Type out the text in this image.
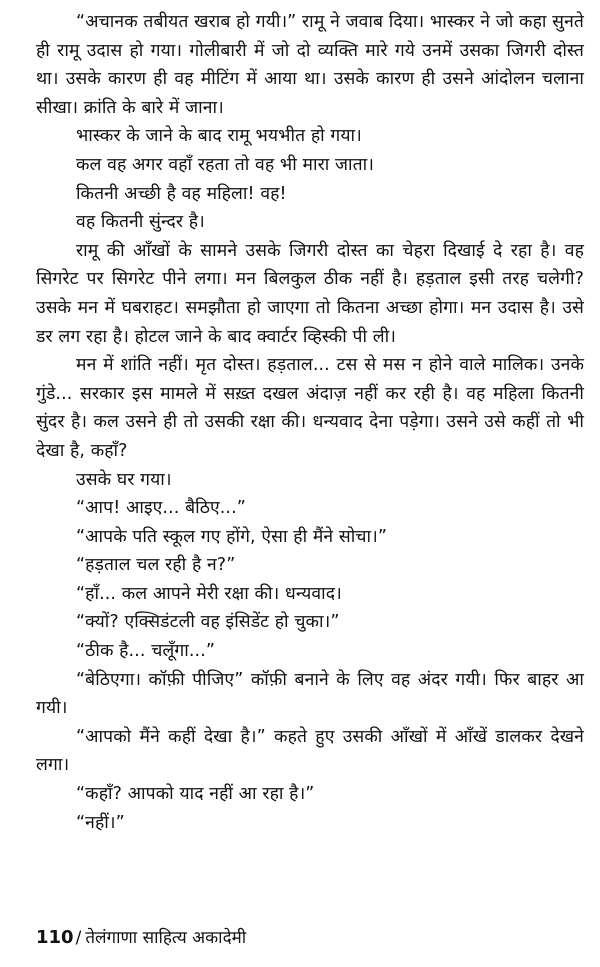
“अचानक तबीयत खराब हो गयी।” रामू ने जवाब दिया। भास्कर ने जो कहा सुनते ही रामू उदास हो गया। गोलीबारी में जो दो व्यक्ति मारे गये उनमें उसका जिगरी दोस्त था। उसके कारण ही वह मीटिंग में आया था। उसके कारण ही उसने आंदोलन चलाना सीखा। क्रांति के बारे में जाना।

भास्कर के जाने के बाद रामू भयभीत हो गया।

कल वह अगर वहाँ रहता तो वह भी मारा जाता।

कितनी अच्छी है वह महिला! वह!

वह कितनी सुंन्दर है।

रामू की आँखों के सामने उसके जिगरी दोस्त का चेहरा दिखाई दे रहा है। वह सिगरेट पर सिगरेट पीने लगा। मन बिलकुल ठीक नहीं है। हड़ताल इसी तरह चलेगी? उसके मन में घबराहट। समझौता हो जाएगा तो कितना अच्छा होगा। मन उदास है। उसे डर लग रहा है। होटल जाने के बाद क्वार्टर व्हिस्की पी ली।

मन में शांति नहीं। मृत दोस्त। हड़ताल... टस से मस न होने वाले मालिक। उनके गुंडे... सरकार इस मामले में सख़्त दखल अंदाज़ नहीं कर रही है। वह महिला कितनी सुंदर है। कल उसने ही तो उसकी रक्षा की। धन्यवाद देना पड़ेगा। उसने उसे कहीं तो भी देखा है, कहाँ?

उसके घर गया।

“आप! आइए... बैठिए...”

“आपके पति स्कूल गए होंगे, ऐसा ही मैंने सोचा।”

“हड़ताल चल रही है न?”

“हाँ... कल आपने मेरी रक्षा की। धन्यवाद।

“क्यों? एक्सिडंटली वह इंसिडेंट हो चुका।”

“ठीक है... चलूँगा...”

“बेठिएगा। कॉफ़ी पीजिए” कॉफ़ी बनाने के लिए वह अंदर गयी। फिर बाहर आ गयी।

“आपको मैंने कहीं देखा है।” कहते हुए उसकी आँखों में आँखें डालकर देखने लगा।

“कहाँ? आपको याद नहीं आ रहा है।”

“नहीं।”

110 / तेलंगाणा साहित्य अकादेमी
